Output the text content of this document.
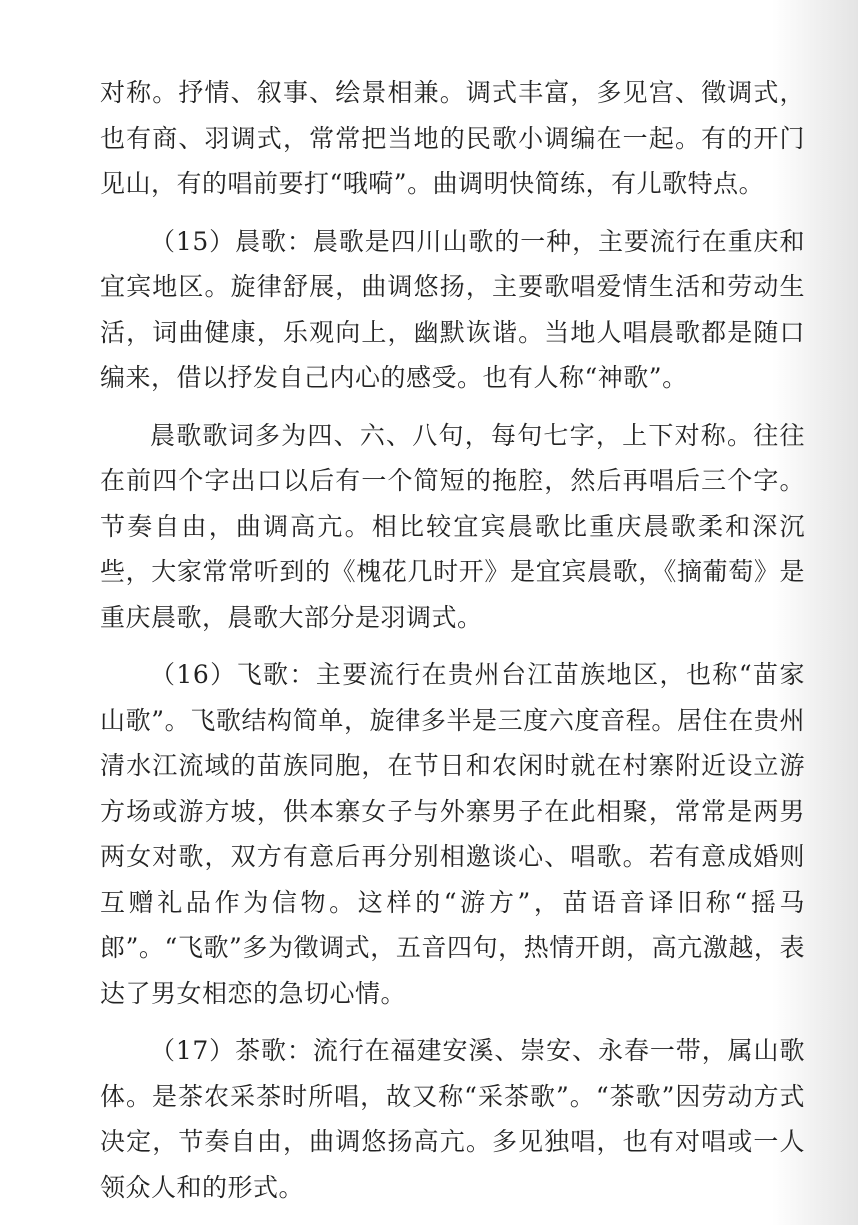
对称。抒情、叙事、绘景相兼。调式丰富，多见宫、徵调式，也有商、羽调式，常常把当地的民歌小调编在一起。有的开门见山，有的唱前要打“哦嗬”。曲调明快简练，有儿歌特点。

（15）晨歌：晨歌是四川山歌的一种，主要流行在重庆和宜宾地区。旋律舒展，曲调悠扬，主要歌唱爱情生活和劳动生活，词曲健康，乐观向上，幽默诙谐。当地人唱晨歌都是随口编来，借以抒发自己内心的感受。也有人称“神歌”。

晨歌歌词多为四、六、八句，每句七字，上下对称。往往在前四个字出口以后有一个简短的拖腔，然后再唱后三个字。节奏自由，曲调高亢。相比较宜宾晨歌比重庆晨歌柔和深沉些，大家常常听到的《槐花几时开》是宜宾晨歌，《摘葡萄》是重庆晨歌，晨歌大部分是羽调式。

（16）飞歌：主要流行在贵州台江苗族地区，也称“苗家山歌”。飞歌结构简单，旋律多半是三度六度音程。居住在贵州清水江流域的苗族同胞，在节日和农闲时就在村寨附近设立游方场或游方坡，供本寨女子与外寨男子在此相聚，常常是两男两女对歌，双方有意后再分别相邀谈心、唱歌。若有意成婚则互赠礼品作为信物。这样的“游方”，苗语音译旧称“摇马郎”。“飞歌”多为徵调式，五音四句，热情开朗，高亢激越，表达了男女相恋的急切心情。

（17）茶歌：流行在福建安溪、崇安、永春一带，属山歌体。是茶农采茶时所唱，故又称“采茶歌”。“茶歌”因劳动方式决定，节奏自由，曲调悠扬高亢。多见独唱，也有对唱或一人领众人和的形式。
